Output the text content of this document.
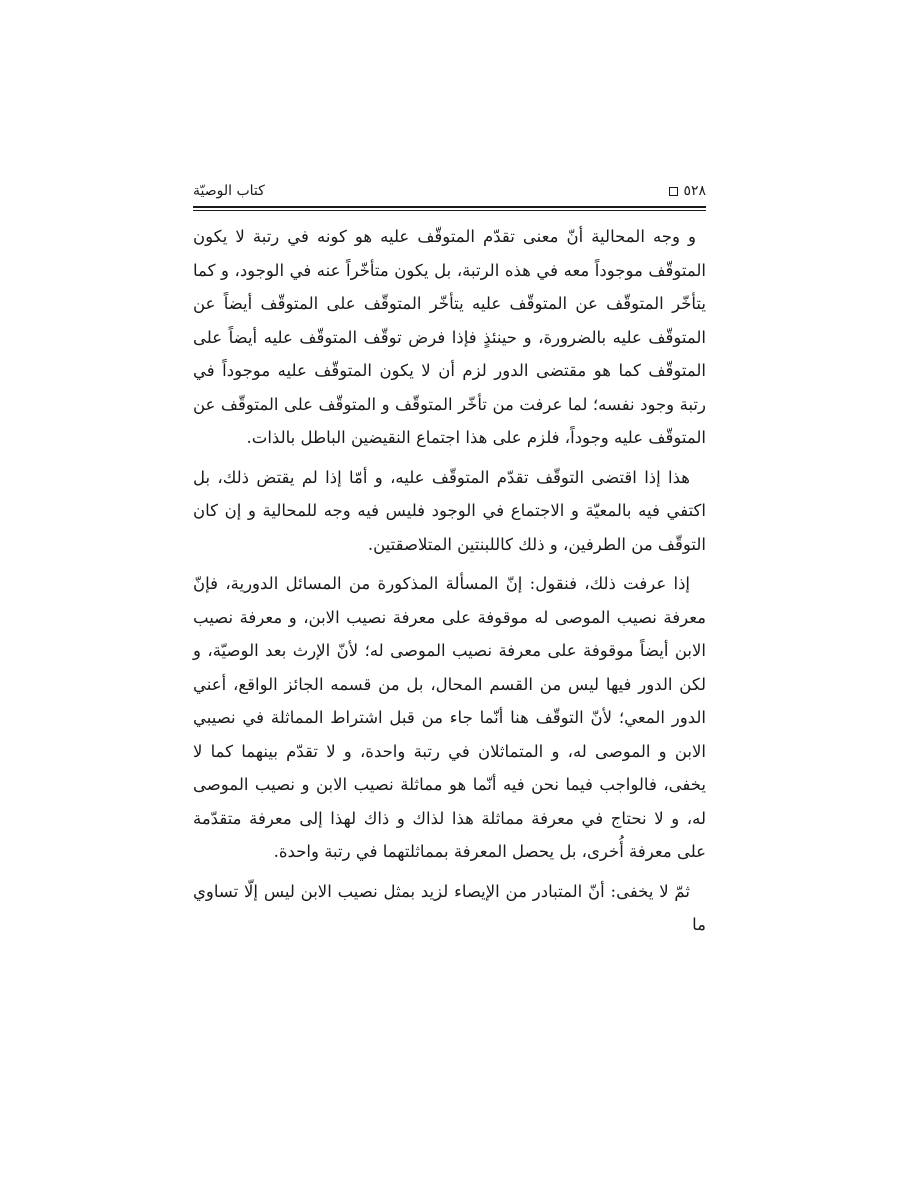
كتاب الوصيّة	٥٢٨

و وجه المحالية أنّ معنى تقدّم المتوقّف عليه هو كونه في رتبة لا يكون المتوقّف موجوداً معه في هذه الرتبة، بل يكون متأخّراً عنه في الوجود، و كما يتأخّر المتوقّف عن المتوقّف عليه يتأخّر المتوقّف على المتوقّف أيضاً عن المتوقّف عليه بالضرورة، و حينئذٍ فإذا فرض توقّف المتوقّف عليه أيضاً على المتوقّف كما هو مقتضى الدور لزم أن لا يكون المتوقّف عليه موجوداً في رتبة وجود نفسه؛ لما عرفت من تأخّر المتوقّف و المتوقّف على المتوقّف عن المتوقّف عليه وجوداً، فلزم على هذا اجتماع النقيضين الباطل بالذات.

هذا إذا اقتضى التوقّف تقدّم المتوقّف عليه، و أمّا إذا لم يقتض ذلك، بل اكتفي فيه بالمعيّة و الاجتماع في الوجود فليس فيه وجه للمحالية و إن كان التوقّف من الطرفين، و ذلك كاللبنتين المتلاصقتين.

إذا عرفت ذلك، فنقول: إنّ المسألة المذكورة من المسائل الدورية، فإنّ معرفة نصيب الموصى له موقوفة على معرفة نصيب الابن، و معرفة نصيب الابن أيضاً موقوفة على معرفة نصيب الموصى له؛ لأنّ الإرث بعد الوصيّة، و لكن الدور فيها ليس من القسم المحال، بل من قسمه الجائز الواقع، أعني الدور المعي؛ لأنّ التوقّف هنا أنّما جاء من قبل اشتراط المماثلة في نصيبي الابن و الموصى له، و المتماثلان في رتبة واحدة، و لا تقدّم بينهما كما لا يخفى، فالواجب فيما نحن فيه أنّما هو مماثلة نصيب الابن و نصيب الموصى له، و لا نحتاج في معرفة مماثلة هذا لذاك و ذاك لهذا إلى معرفة متقدّمة على معرفة أُخرى، بل يحصل المعرفة بمماثلتهما في رتبة واحدة.

ثمّ لا يخفى: أنّ المتبادر من الإيصاء لزيد بمثل نصيب الابن ليس إلّا تساوي ما
